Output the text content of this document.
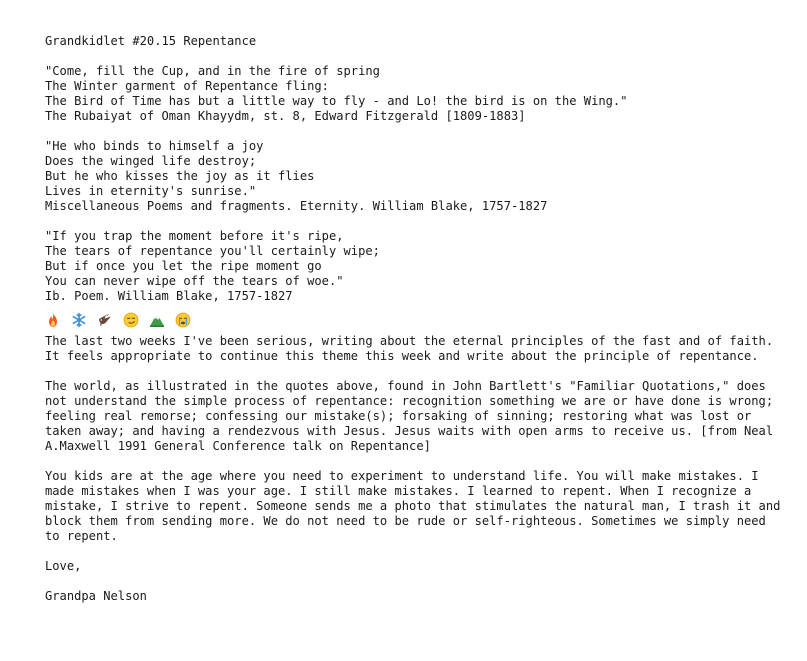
Grandkidlet #20.15 Repentance
"Come, fill the Cup, and in the fire of spring
The Winter garment of Repentance fling:
The Bird of Time has but a little way to fly - and Lo! the bird is on the Wing."
The Rubaiyat of Oman Khayydm, st. 8, Edward Fitzgerald [1809-1883]
"He who binds to himself a joy
Does the winged life destroy;
But he who kisses the joy as it flies
Lives in eternity's sunrise."
Miscellaneous Poems and fragments. Eternity. William Blake, 1757-1827
"If you trap the moment before it's ripe,
The tears of repentance you'll certainly wipe;
But if once you let the ripe moment go
You can never wipe off the tears of woe."
Ib. Poem. William Blake, 1757-1827
The last two weeks I've been serious, writing about the eternal principles of the fast and of faith.
It feels appropriate to continue this theme this week and write about the principle of repentance.
The world, as illustrated in the quotes above, found in John Bartlett's "Familiar Quotations," does
not understand the simple process of repentance: recognition something we are or have done is wrong;
feeling real remorse; confessing our mistake(s); forsaking of sinning; restoring what was lost or
taken away; and having a rendezvous with Jesus. Jesus waits with open arms to receive us. [from Neal
A.Maxwell 1991 General Conference talk on Repentance]
You kids are at the age where you need to experiment to understand life. You will make mistakes. I
made mistakes when I was your age. I still make mistakes. I learned to repent. When I recognize a
mistake, I strive to repent. Someone sends me a photo that stimulates the natural man, I trash it and
block them from sending more. We do not need to be rude or self-righteous. Sometimes we simply need
to repent.
Love,
Grandpa Nelson
